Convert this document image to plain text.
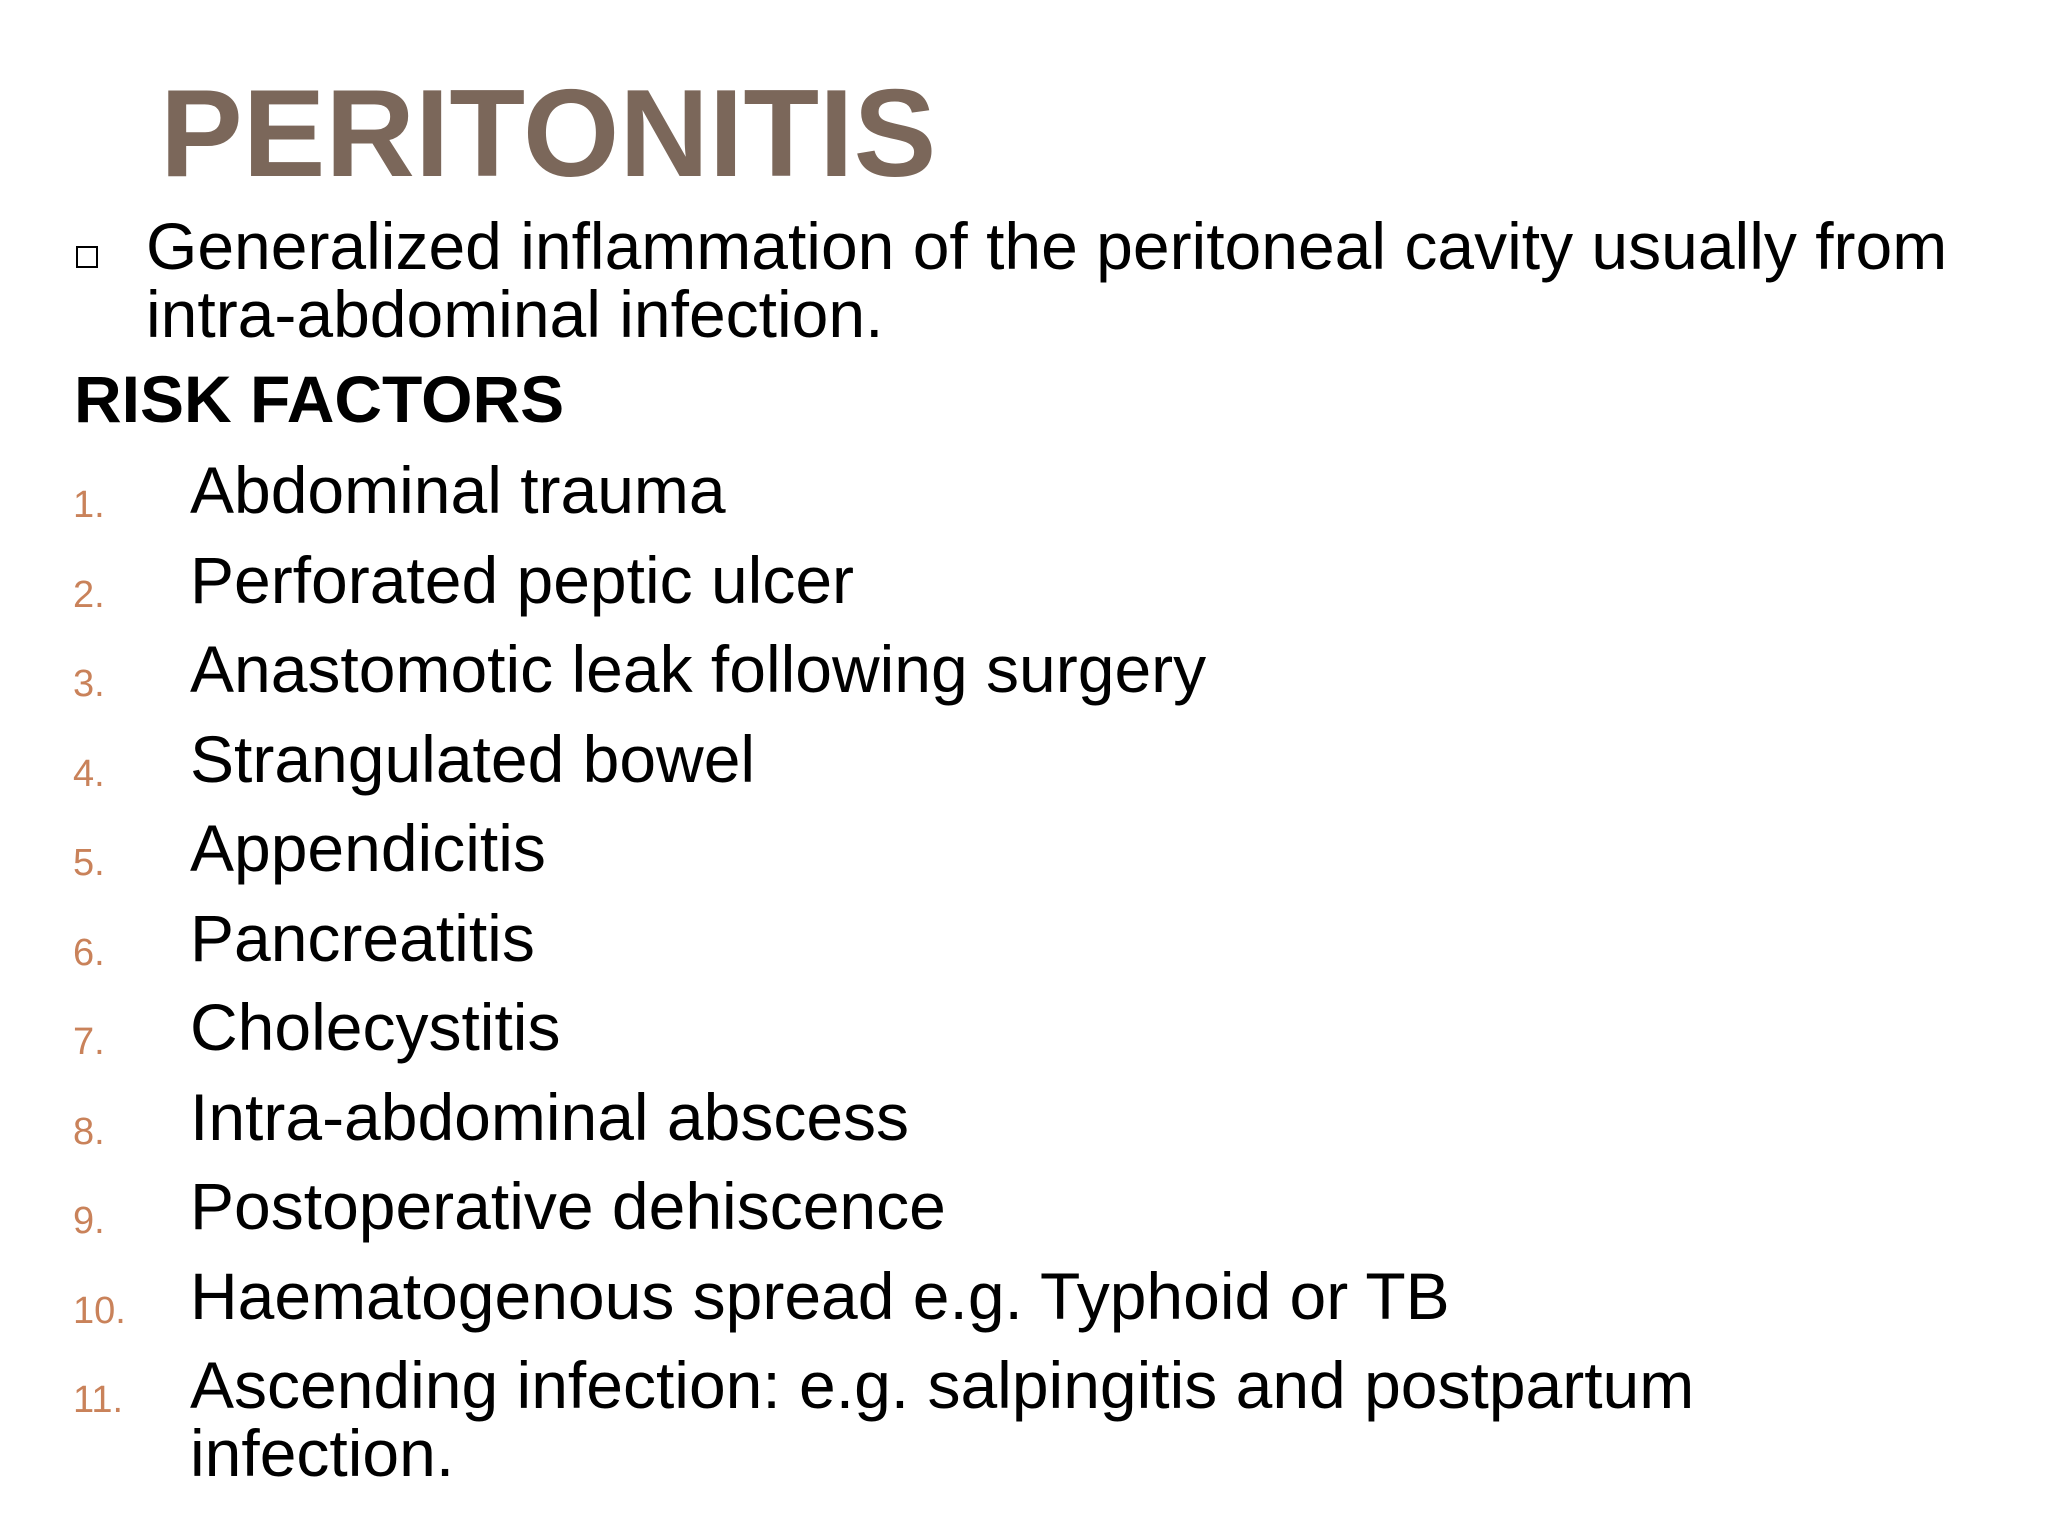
PERITONITIS
Generalized inflammation of the peritoneal cavity usually from intra-abdominal infection.
RISK FACTORS
1. Abdominal trauma
2. Perforated peptic ulcer
3. Anastomotic leak following surgery
4. Strangulated bowel
5. Appendicitis
6. Pancreatitis
7. Cholecystitis
8. Intra-abdominal abscess
9. Postoperative dehiscence
10. Haematogenous spread e.g. Typhoid or TB
11. Ascending infection: e.g. salpingitis and postpartum infection.
